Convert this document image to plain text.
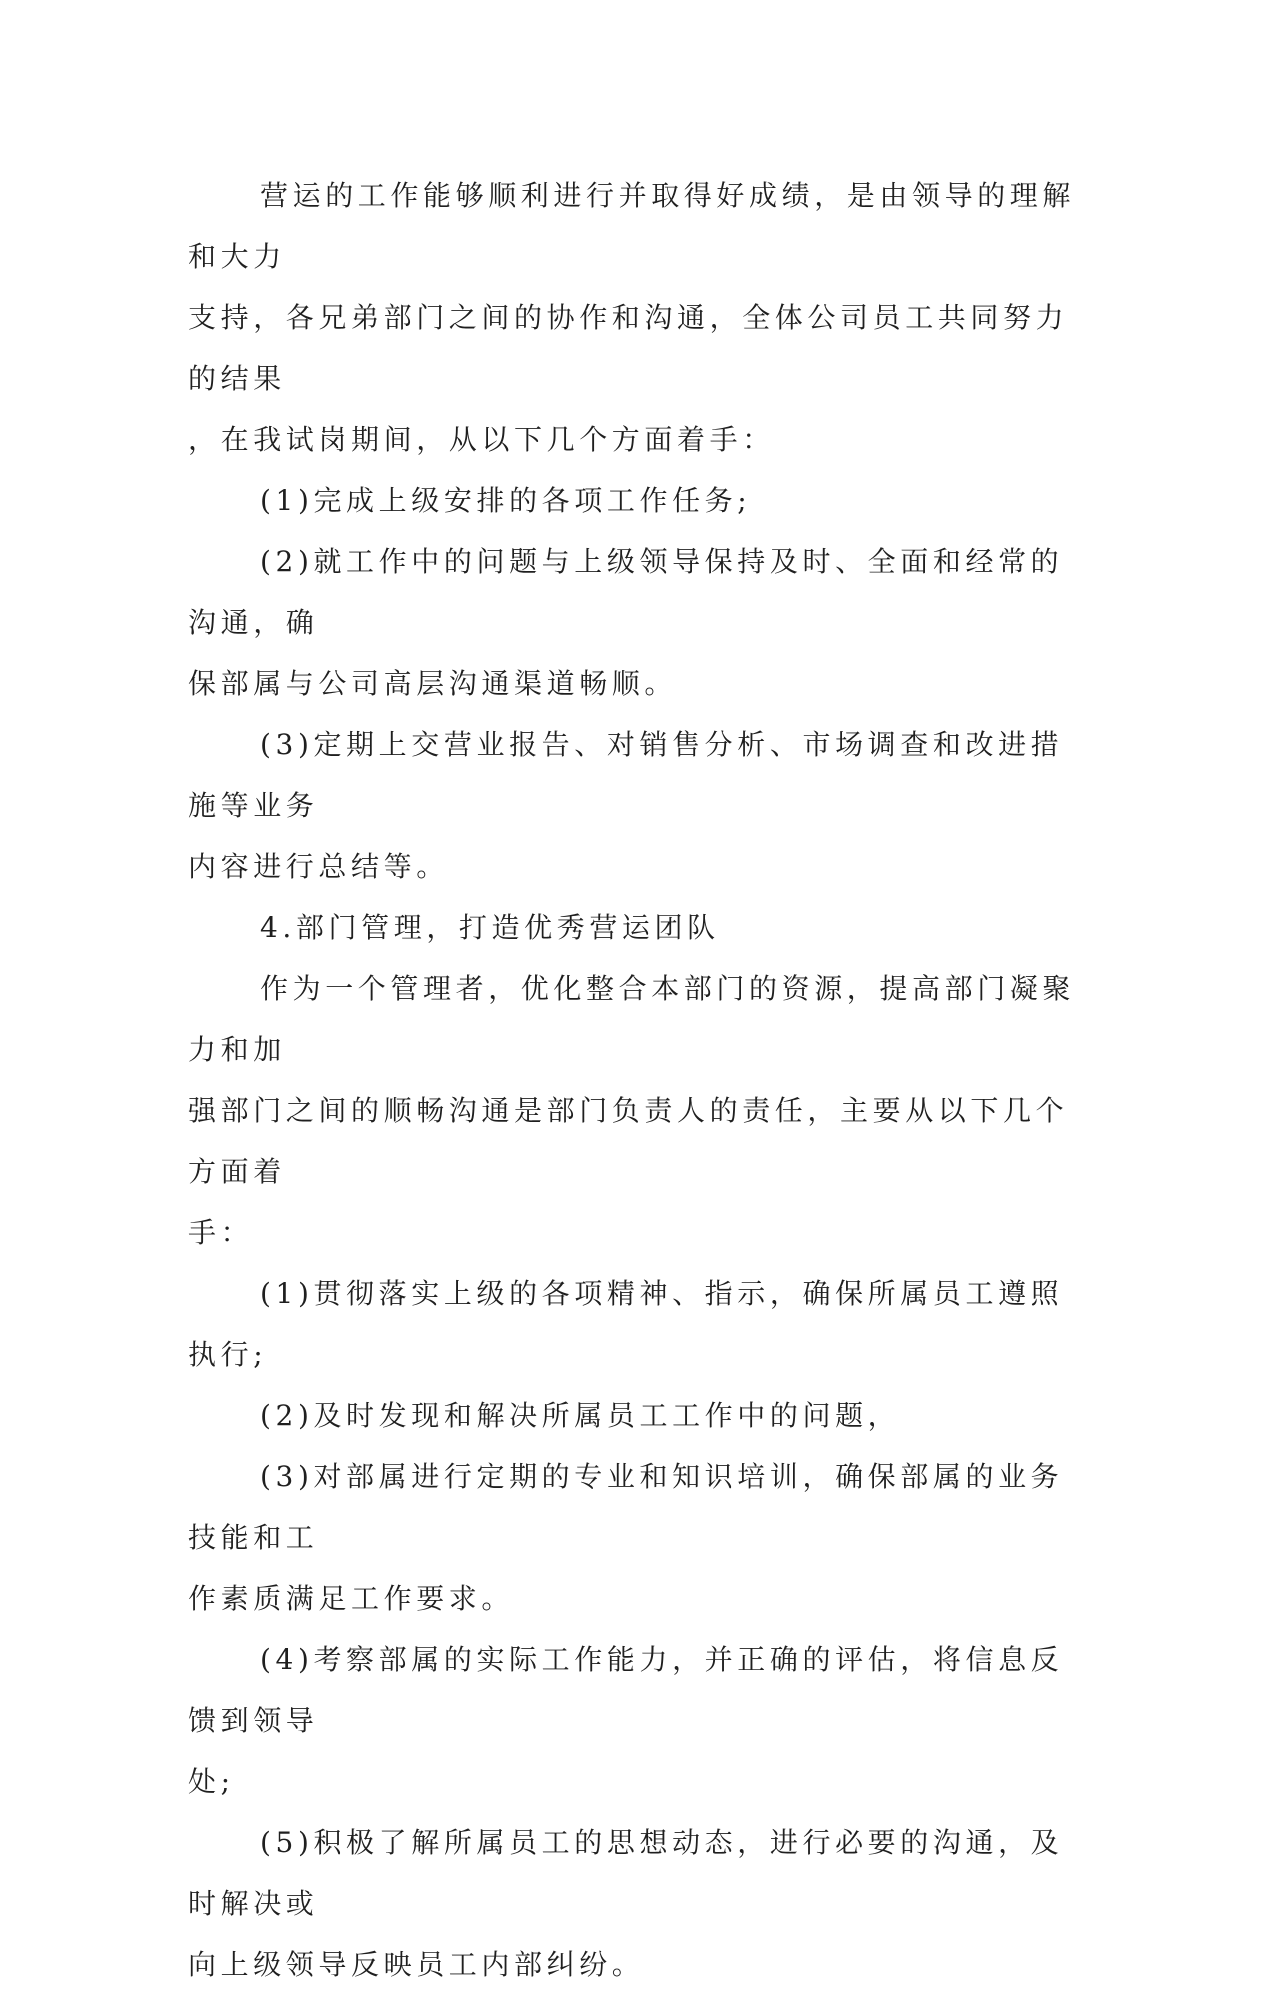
营运的工作能够顺利进行并取得好成绩，是由领导的理解和大力

支持，各兄弟部门之间的协作和沟通，全体公司员工共同努力的结果

，在我试岗期间，从以下几个方面着手：

(1)完成上级安排的各项工作任务;

(2)就工作中的问题与上级领导保持及时、全面和经常的沟通，确

保部属与公司高层沟通渠道畅顺。

(3)定期上交营业报告、对销售分析、市场调查和改进措施等业务

内容进行总结等。

4.部门管理，打造优秀营运团队

作为一个管理者，优化整合本部门的资源，提高部门凝聚力和加

强部门之间的顺畅沟通是部门负责人的责任，主要从以下几个方面着

手：

(1)贯彻落实上级的各项精神、指示，确保所属员工遵照执行;

(2)及时发现和解决所属员工工作中的问题，

(3)对部属进行定期的专业和知识培训，确保部属的业务技能和工

作素质满足工作要求。

(4)考察部属的实际工作能力，并正确的评估，将信息反馈到领导

处;

(5)积极了解所属员工的思想动态，进行必要的沟通，及时解决或

向上级领导反映员工内部纠纷。
